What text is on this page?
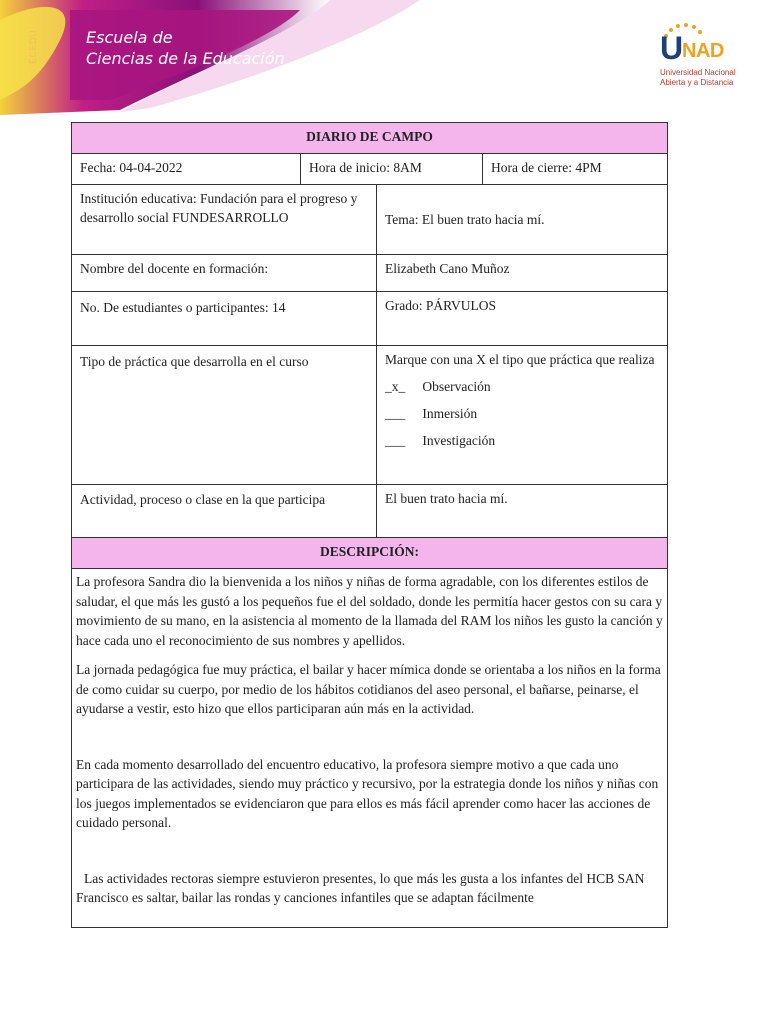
ECEDU	Escuela de
Ciencias de la Educación	U
NAD
Universidad Nacional
Abierta y a Distancia
DIARIO DE CAMPO			
Fecha: 04-04-2022	Hora de inicio: 8AM		Hora de cierre: 4PM
Institución educativa: Fundación para el progreso y desarrollo social FUNDESARROLLO		Tema: El buen trato hacia mí.	
Nombre del docente en formación:		Elizabeth Cano Muñoz	
No. De estudiantes o participantes: 14		Grado: PÁRVULOS	
Tipo de práctica que desarrolla en el curso		Marque con una X el tipo que práctica que realiza
_x_ Observación
___ Inmersión
___ Investigación	

Actividad, proceso o clase en la que participa		El buen trato hacia mí.	
DESCRIPCIÓN:			

La profesora Sandra dio la bienvenida a los niños y niñas de forma agradable, con los diferentes estilos de saludar, el que más les gustó a los pequeños fue el del soldado, donde les permitía hacer gestos con su cara y movimiento de su mano, en la asistencia al momento de la llamada del RAM los niños les gusto la canción y hace cada uno el reconocimiento de sus nombres y apellidos.

La jornada pedagógica fue muy práctica, el bailar y hacer mímica donde se orientaba a los niños en la forma de como cuidar su cuerpo, por medio de los hábitos cotidianos del aseo personal, el bañarse, peinarse, el ayudarse a vestir, esto hizo que ellos participaran aún más en la actividad.

En cada momento desarrollado del encuentro educativo, la profesora siempre motivo a que cada uno participara de las actividades, siendo muy práctico y recursivo, por la estrategia donde los niños y niñas con los juegos implementados se evidenciaron que para ellos es más fácil aprender como hacer las acciones de cuidado personal.

Las actividades rectoras siempre estuvieron presentes, lo que más les gusta a los infantes del HCB SAN Francisco es saltar, bailar las rondas y canciones infantiles que se adaptan fácilmente			
